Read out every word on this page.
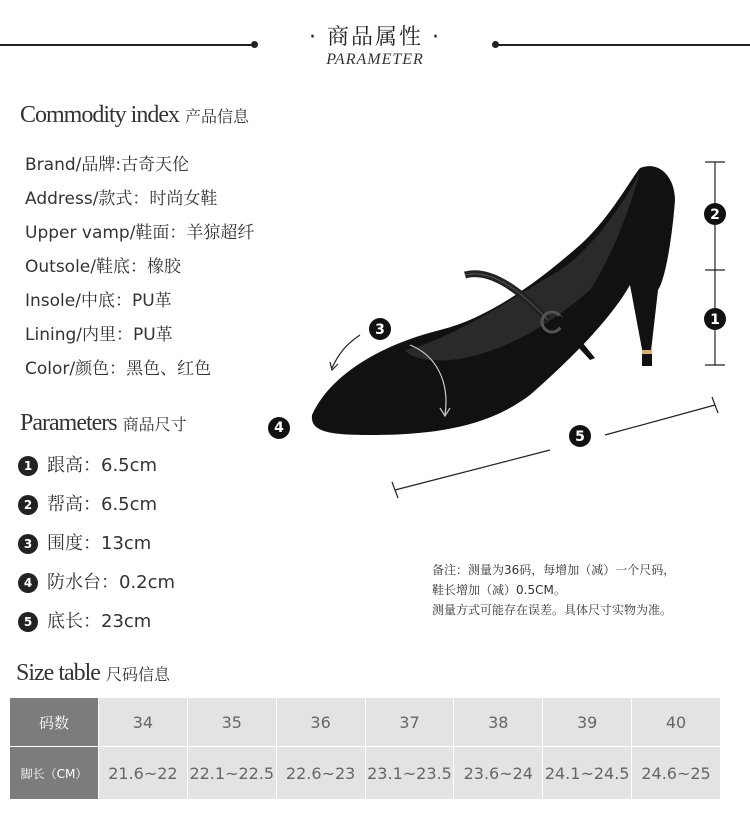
· 商品属性 ·
PARAMETER
Commodity index 产品信息
Brand/品牌:古奇天伦
Address/款式：时尚女鞋
Upper vamp/鞋面：羊猄超纤
Outsole/鞋底：橡胶
Insole/中底：PU革
Lining/内里：PU革
Color/颜色：黑色、红色
Parameters 商品尺寸
1 跟高：6.5cm
2 帮高：6.5cm
3 围度：13cm
4 防水台：0.2cm
5 底长：23cm
2
1
3
5
4
备注：测量为36码，每增加（减）一个尺码，
鞋长增加（减）0.5CM。
测量方式可能存在误差。具体尺寸实物为准。
Size table 尺码信息
码数	34	35	36	37	38	39	40
脚长（CM）	21.6~22	22.1~22.5	22.6~23	23.1~23.5	23.6~24	24.1~24.5	24.6~25
